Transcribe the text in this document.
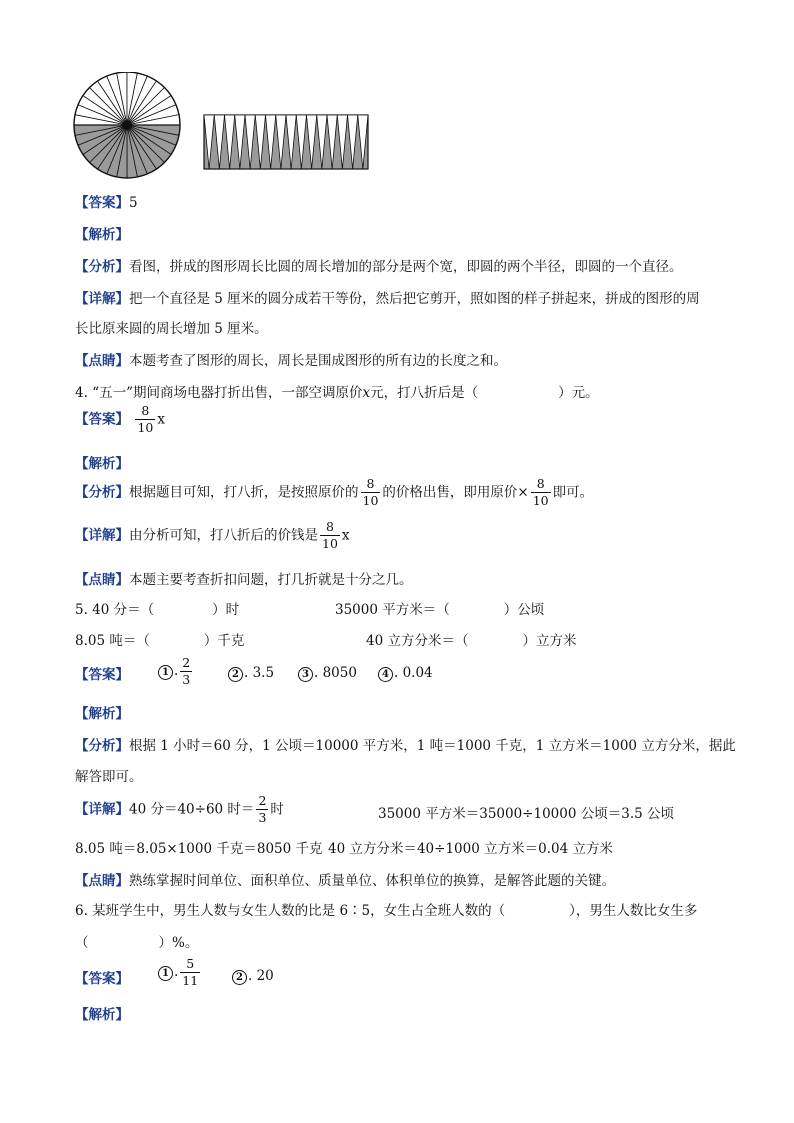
【答案】5
【解析】
【分析】看图，拼成的图形周长比圆的周长增加的部分是两个宽，即圆的两个半径，即圆的一个直径。
【详解】把一个直径是 5 厘米的圆分成若干等份，然后把它剪开，照如图的样子拼起来，拼成的图形的周
长比原来圆的周长增加 5 厘米。
【点睛】本题考查了图形的周长，周长是围成图形的所有边的长度之和。
4. “五一”期间商场电器打折出售，一部空调原价x元，打八折后是（	）元。
【答案】 $\frac{8}{10}$ x
【解析】
【分析】根据题目可知，打八折，是按照原价的 $\frac{8}{10}$ 的价格出售，即用原价× $\frac{8}{10}$ 即可。
【详解】由分析可知，打八折后的价钱是 $\frac{8}{10}$ x
【点睛】本题主要考查折扣问题，打几折就是十分之几。
5. 40 分＝（	）时	35000 平方米＝（	）公顷
8.05 吨＝（	）千克	40 立方分米＝（	）立方米
【答案】	1 . $\frac{2}{3}$	2 . 3.5	3 . 8050	4 . 0.04
【解析】
【分析】根据 1 小时＝60 分，1 公顷＝10000 平方米，1 吨＝1000 千克，1 立方米＝1000 立方分米，据此
解答即可。
【详解】40 分＝40÷60 时＝ $\frac{2}{3}$ 时	35000 平方米＝35000÷10000 公顷＝3.5 公顷
8.05 吨＝8.05×1000 千克＝8050 千克 40 立方分米＝40÷1000 立方米＝0.04 立方米
【点睛】熟练掌握时间单位、面积单位、质量单位、体积单位的换算，是解答此题的关键。
6. 某班学生中，男生人数与女生人数的比是 6∶5，女生占全班人数的（	），男生人数比女生多
（	）%。
【答案】	1 . $\frac{5}{11}$	2 . 20
【解析】
